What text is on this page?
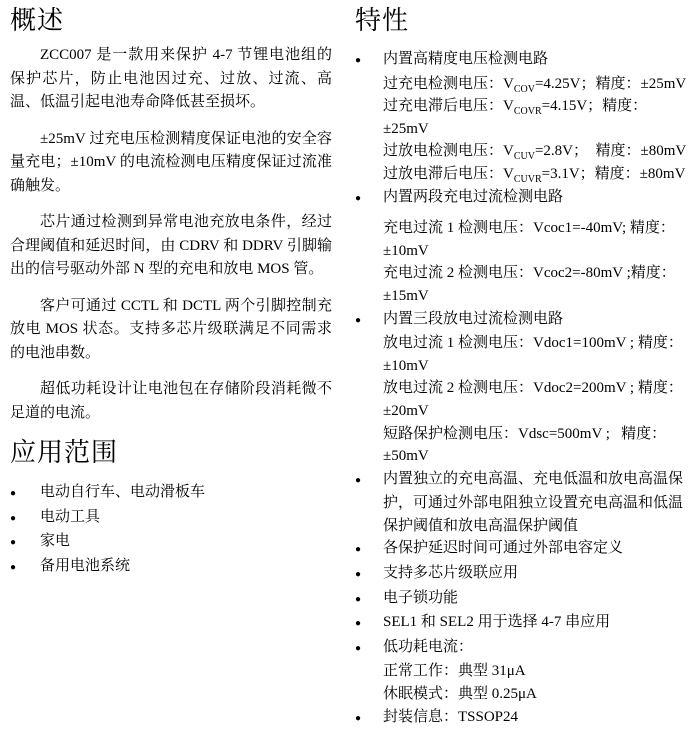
概述

ZCC007 是一款用来保护 4-7 节锂电池组的保护芯片，防止电池因过充、过放、过流、高温、低温引起电池寿命降低甚至损坏。

±25mV 过充电压检测精度保证电池的安全容量充电；±10mV 的电流检测电压精度保证过流准确触发。

芯片通过检测到异常电池充放电条件，经过合理阈值和延迟时间，由 CDRV 和 DDRV 引脚输出的信号驱动外部 N 型的充电和放电 MOS 管。

客户可通过 CCTL 和 DCTL 两个引脚控制充放电 MOS 状态。支持多芯片级联满足不同需求的电池串数。

超低功耗设计让电池包在存储阶段消耗微不足道的电流。

应用范围
●	电动自行车、电动滑板车
●	电动工具
●	家电
●	备用电池系统
特性
●	内置高精度电压检测电路
过充电检测电压：$V_{COV}=4.25V$；精度：±25mV
过充电滞后电压：$V_{COVR}=4.15V$；精度：±25mV
过放电检测电压：$V_{CUV}=2.8V$；  精度：±80mV
过放电滞后电压：$V_{CUVR}=3.1V$；精度：±80mV
●	内置两段充电过流检测电路
充电过流 1 检测电压：Vcoc1=-40mV; 精度：
±10mV
充电过流 2 检测电压：Vcoc2=-80mV ;精度：
±15mV
●	内置三段放电过流检测电路
放电过流 1 检测电压：Vdoc1=100mV ; 精度：
±10mV
放电过流 2 检测电压：Vdoc2=200mV ; 精度：
±20mV
短路保护检测电压：Vdsc=500mV ;   精度：
±50mV
●	内置独立的充电高温、充电低温和放电高温保
护，可通过外部电阻独立设置充电高温和低温
保护阈值和放电高温保护阈值
●	各保护延迟时间可通过外部电容定义
●	支持多芯片级联应用
●	电子锁功能
●	SEL1 和 SEL2 用于选择 4-7 串应用
●	低功耗电流：
正常工作：典型 31μA
休眠模式：典型 0.25μA
●	封装信息：TSSOP24
